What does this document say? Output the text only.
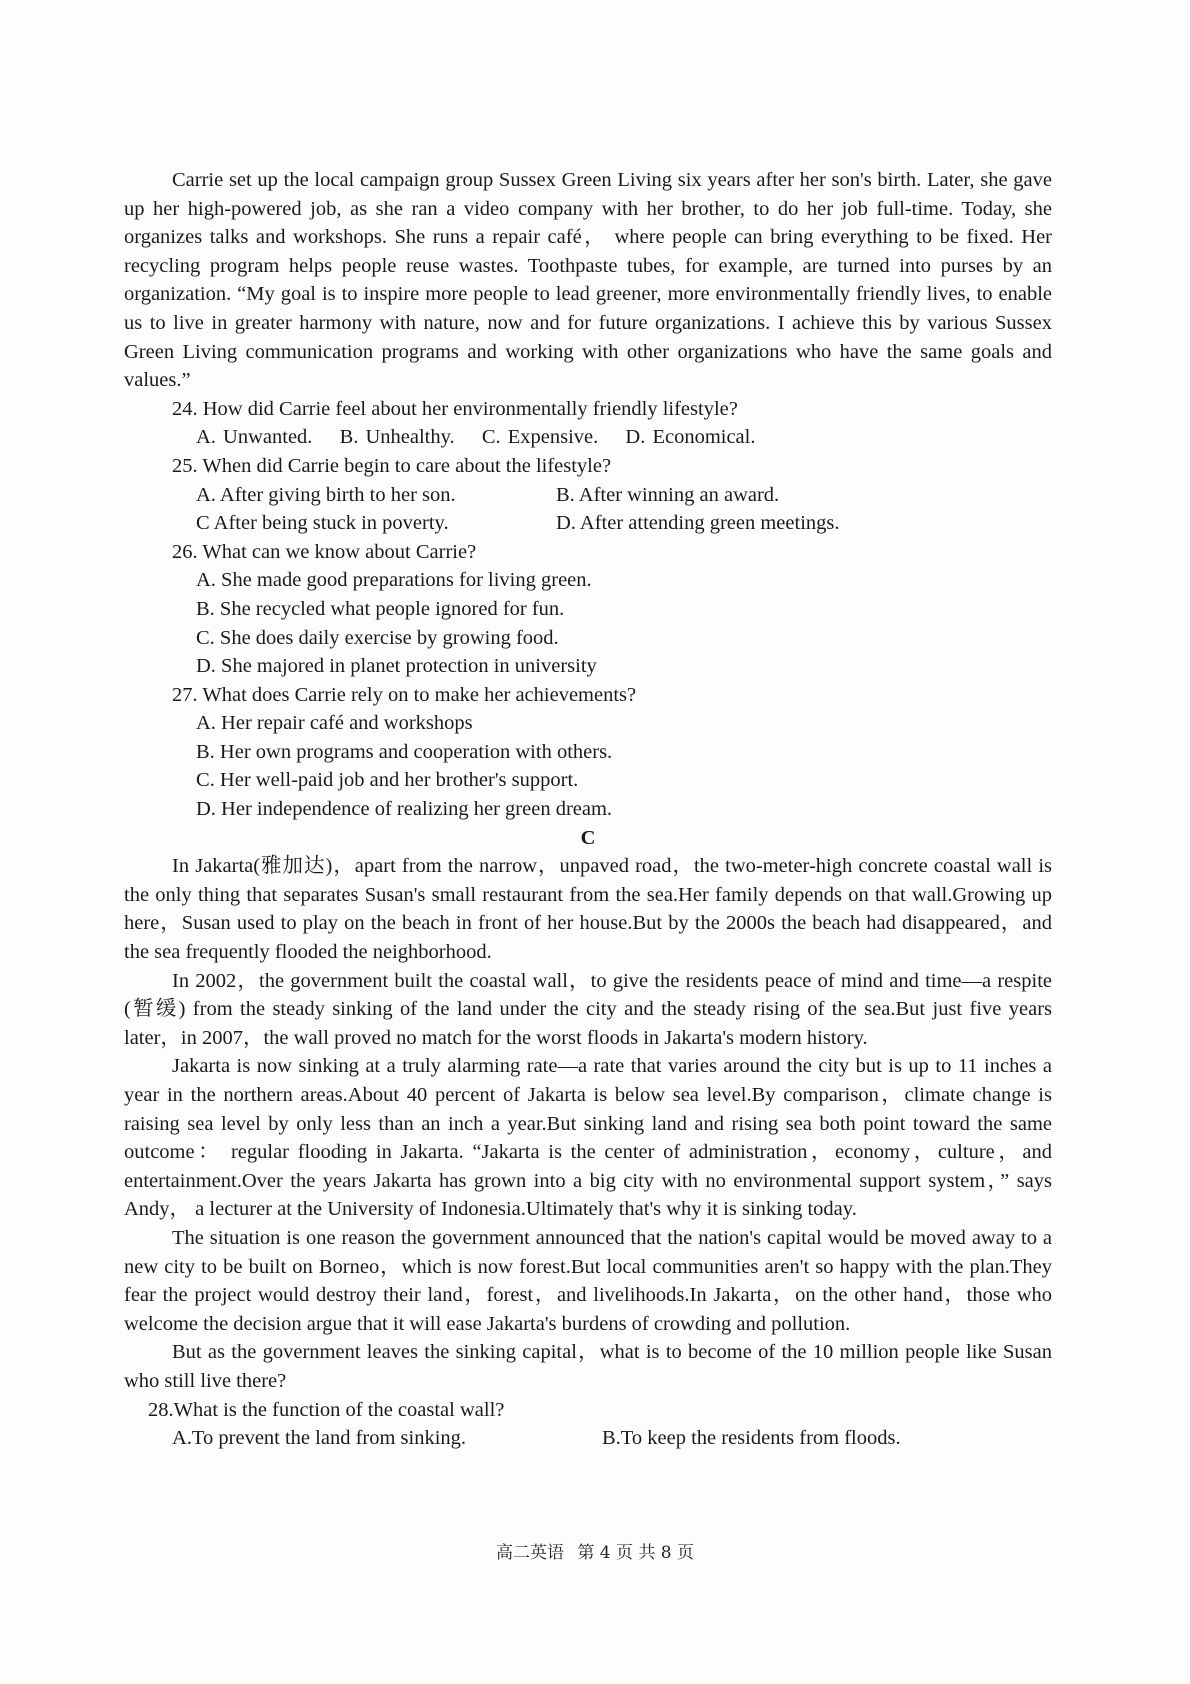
Carrie set up the local campaign group Sussex Green Living six years after her son's birth. Later, she gave up her high-powered job, as she ran a video company with her brother, to do her job full-time. Today, she organizes talks and workshops. She runs a repair café， where people can bring everything to be fixed. Her recycling program helps people reuse wastes. Toothpaste tubes, for example, are turned into purses by an organization. “My goal is to inspire more people to lead greener, more environmentally friendly lives, to enable us to live in greater harmony with nature, now and for future organizations. I achieve this by various Sussex Green Living communication programs and working with other organizations who have the same goals and values.”

24. How did Carrie feel about her environmentally friendly lifestyle?

A. Unwanted. B. Unhealthy. C. Expensive. D. Economical.

25. When did Carrie begin to care about the lifestyle?

A. After giving birth to her son.	B. After winning an award.

C After being stuck in poverty.	D. After attending green meetings.

26. What can we know about Carrie?

A. She made good preparations for living green.

B. She recycled what people ignored for fun.

C. She does daily exercise by growing food.

D. She majored in planet protection in university

27. What does Carrie rely on to make her achievements?

A. Her repair café and workshops

B. Her own programs and cooperation with others.

C. Her well-paid job and her brother's support.

D. Her independence of realizing her green dream.

C

In Jakarta(雅加达)，apart from the narrow，unpaved road，the two-meter-high concrete coastal wall is the only thing that separates Susan's small restaurant from the sea.Her family depends on that wall.Growing up here，Susan used to play on the beach in front of her house.But by the 2000s the beach had disappeared，and the sea frequently flooded the neighborhood.

In 2002，the government built the coastal wall，to give the residents peace of mind and time—a respite (暂缓) from the steady sinking of the land under the city and the steady rising of the sea.But just five years later，in 2007，the wall proved no match for the worst floods in Jakarta's modern history.

Jakarta is now sinking at a truly alarming rate—a rate that varies around the city but is up to 11 inches a year in the northern areas.About 40 percent of Jakarta is below sea level.By comparison，climate change is raising sea level by only less than an inch a year.But sinking land and rising sea both point toward the same outcome： regular flooding in Jakarta. “Jakarta is the center of administration，economy，culture，and entertainment.Over the years Jakarta has grown into a big city with no environmental support system，” says Andy， a lecturer at the University of Indonesia.Ultimately that's why it is sinking today.

The situation is one reason the government announced that the nation's capital would be moved away to a new city to be built on Borneo，which is now forest.But local communities aren't so happy with the plan.They fear the project would destroy their land，forest，and livelihoods.In Jakarta，on the other hand，those who welcome the decision argue that it will ease Jakarta's burdens of crowding and pollution.

But as the government leaves the sinking capital，what is to become of the 10 million people like Susan who still live there?

28.What is the function of the coastal wall?

A.To prevent the land from sinking.	B.To keep the residents from floods.

高二英语 第 4 页 共 8 页
